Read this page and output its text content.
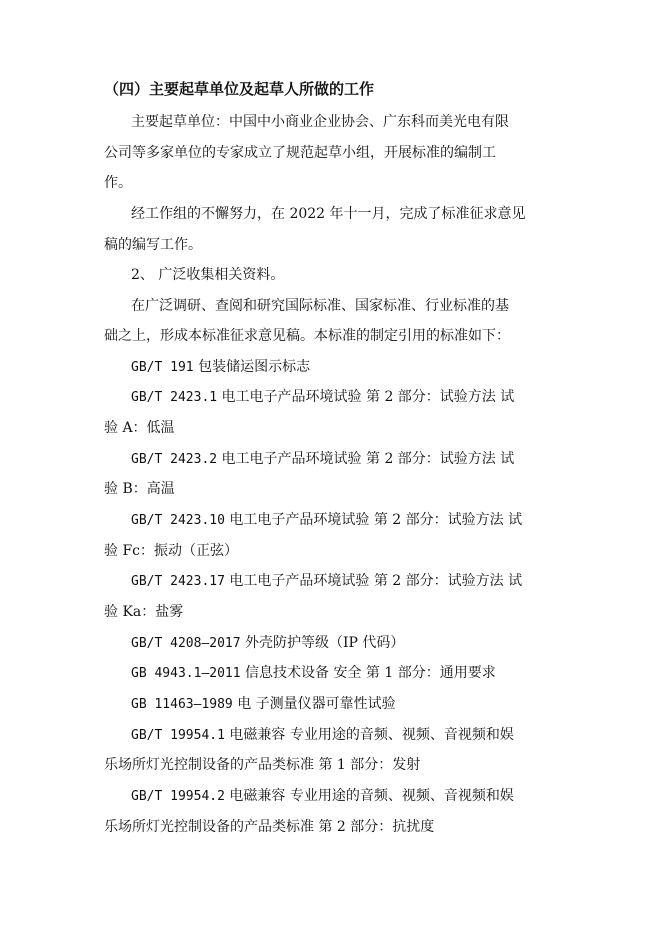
（四）主要起草单位及起草人所做的工作
主要起草单位：中国中小商业企业协会、广东科而美光电有限
公司等多家单位的专家成立了规范起草小组，开展标准的编制工
作。
经工作组的不懈努力，在 2022 年十一月，完成了标准征求意见
稿的编写工作。
2、 广泛收集相关资料。
在广泛调研、查阅和研究国际标准、国家标准、行业标准的基
础之上，形成本标准征求意见稿。本标准的制定引用的标准如下：
GB/T 191 包装储运图示标志
GB/T 2423.1 电工电子产品环境试验 第 2 部分：试验方法 试
验 A：低温
GB/T 2423.2 电工电子产品环境试验 第 2 部分：试验方法 试
验 B：高温
GB/T 2423.10 电工电子产品环境试验 第 2 部分：试验方法 试
验 Fc：振动（正弦）
GB/T 2423.17 电工电子产品环境试验 第 2 部分：试验方法 试
验 Ka：盐雾
GB/T 4208—2017 外壳防护等级（IP 代码）
GB 4943.1—2011 信息技术设备 安全 第 1 部分：通用要求
GB 11463—1989 电 子测量仪器可靠性试验
GB/T 19954.1 电磁兼容 专业用途的音频、视频、音视频和娱
乐场所灯光控制设备的产品类标准 第 1 部分：发射
GB/T 19954.2 电磁兼容 专业用途的音频、视频、音视频和娱
乐场所灯光控制设备的产品类标准 第 2 部分：抗扰度
